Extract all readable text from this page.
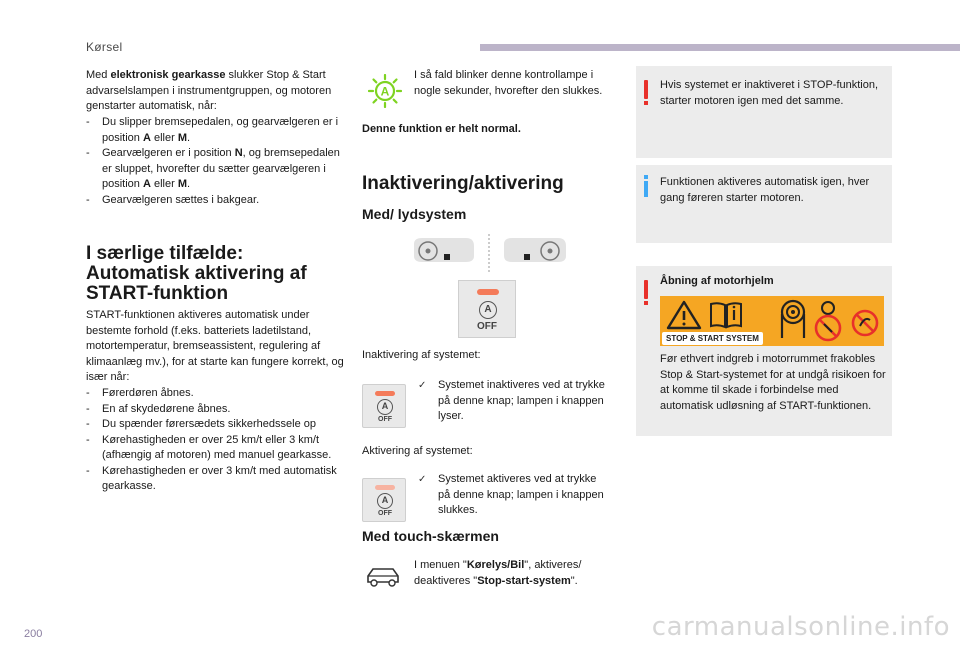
Kørsel
Med elektronisk gearkasse slukker Stop & Start advarselslampen i instrumentgruppen, og motoren genstarter automatisk, når:
- Du slipper bremsepedalen, og gearvælgeren er i position A eller M.
- Gearvælgeren er i position N, og bremsepedalen er sluppet, hvorefter du sætter gearvælgeren i position A eller M.
- Gearvælgeren sættes i bakgear.
I særlige tilfælde:
Automatisk aktivering af
START-funktion
START-funktionen aktiveres automatisk under bestemte forhold (f.eks. batteriets ladetilstand, motortemperatur, bremseassistent, regulering af klimaanlæg mv.), for at starte kan fungere korrekt, og især når:
- Førerdøren åbnes.
- En af skydedørene åbnes.
- Du spænder førersædets sikkerhedssele op
- Kørehastigheden er over 25 km/t eller 3 km/t (afhængig af motoren) med manuel gearkasse.
- Kørehastigheden er over 3 km/t med automatisk gearkasse.
A
I så fald blinker denne kontrollampe i nogle sekunder, hvorefter den slukkes.
Denne funktion er helt normal.
Inaktivering/aktivering
Med/ lydsystem
A
OFF
Inaktivering af systemet:
A
OFF
✓ Systemet inaktiveres ved at trykke på denne knap; lampen i knappen lyser.
Aktivering af systemet:
A
OFF
✓ Systemet aktiveres ved at trykke på denne knap; lampen i knappen slukkes.
Med touch-skærmen
I menuen "Kørelys/Bil", aktiveres/ deaktiveres "Stop-start-system".
Hvis systemet er inaktiveret i STOP-funktion, starter motoren igen med det samme.
Funktionen aktiveres automatisk igen, hver gang føreren starter motoren.
Åbning af motorhjelm
STOP & START SYSTEM
Før ethvert indgreb i motorrummet frakobles Stop & Start-systemet for at undgå risikoen for at komme til skade i forbindelse med automatisk udløsning af START-funktionen.
200	carmanualsonline.info
